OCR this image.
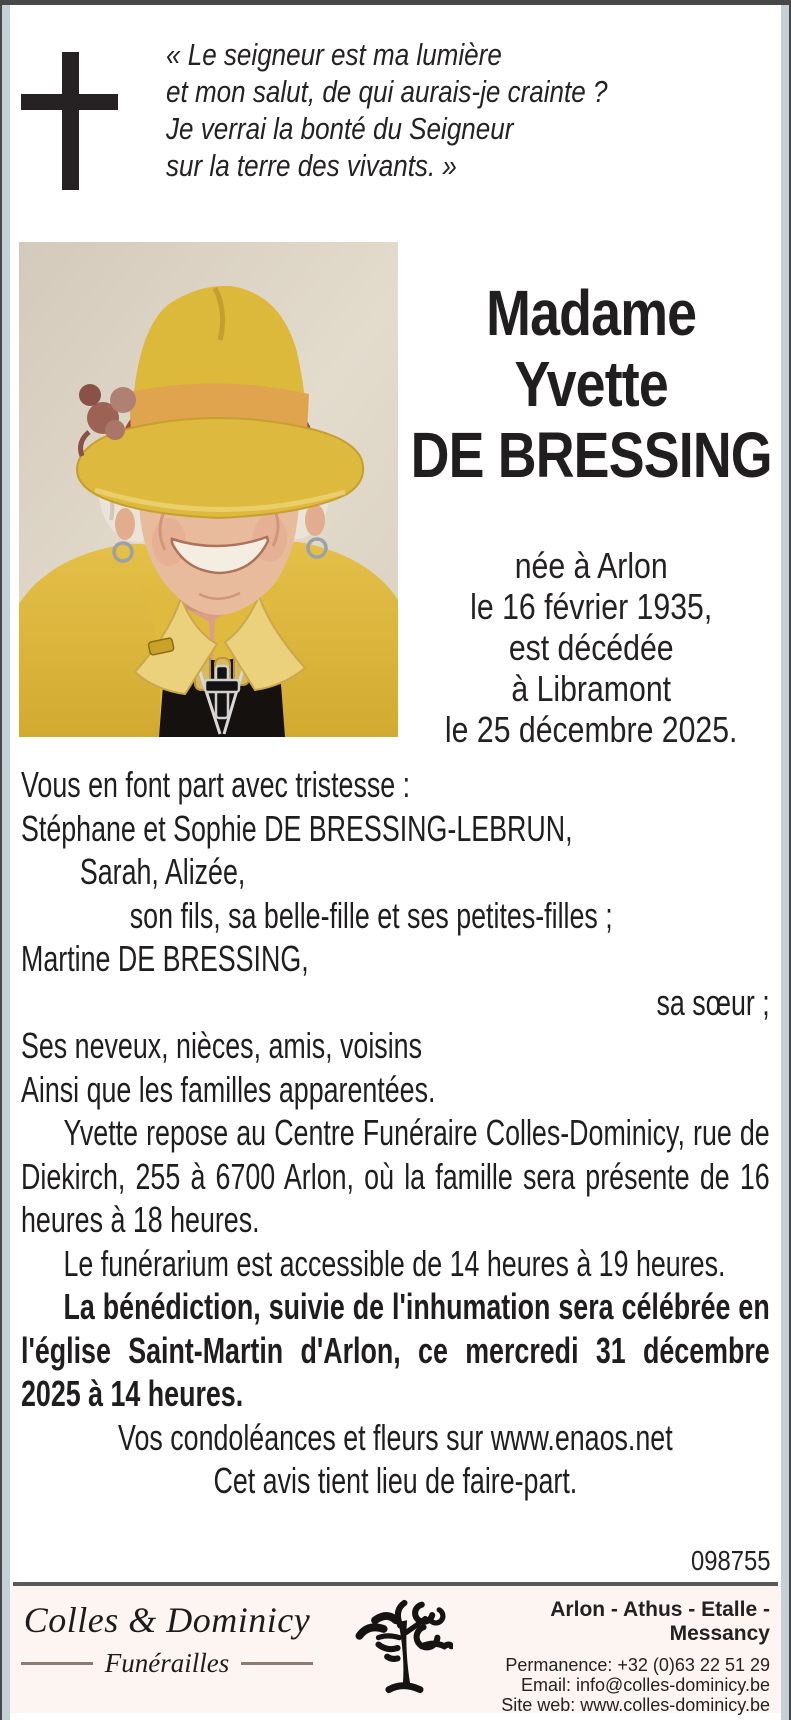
« Le seigneur est ma lumière
et mon salut, de qui aurais-je crainte ?
Je verrai la bonté du Seigneur
sur la terre des vivants. »
Madame
Yvette
DE BRESSING
née à Arlon
le 16 février 1935,
est décédée
à Libramont
le 25 décembre 2025.
Vous en font part avec tristesse :
Stéphane et Sophie DE BRESSING-LEBRUN,
Sarah, Alizée,
son fils, sa belle-fille et ses petites-filles ;
Martine DE BRESSING,
sa sœur ;
Ses neveux, nièces, amis, voisins
Ainsi que les familles apparentées.
Yvette repose au Centre Funéraire Colles-Dominicy, rue de Diekirch, 255 à 6700 Arlon, où la famille sera présente de 16 heures à 18 heures.
Le funérarium est accessible de 14 heures à 19 heures.
La bénédiction, suivie de l'inhumation sera célébrée en l'église Saint-Martin d'Arlon, ce mercredi 31 décembre 2025 à 14 heures.
Vos condoléances et fleurs sur www.enaos.net
Cet avis tient lieu de faire-part.
098755
Colles & Dominicy
Funérailles
Arlon - Athus - Etalle - Messancy
Permanence: +32 (0)63 22 51 29
Email: info@colles-dominicy.be
Site web: www.colles-dominicy.be
